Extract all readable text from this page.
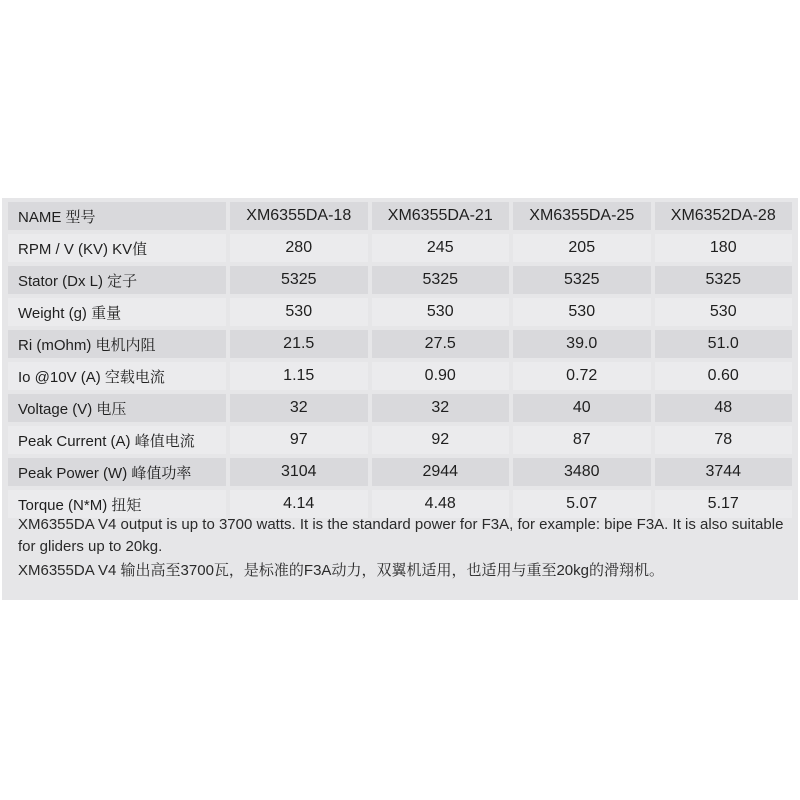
NAME 型号	XM6355DA-18	XM6355DA-21	XM6355DA-25	XM6352DA-28
RPM / V (KV) KV值	280	245	205	180
Stator (Dx L) 定子	5325	5325	5325	5325
Weight (g) 重量	530	530	530	530
Ri (mOhm) 电机内阻	21.5	27.5	39.0	51.0
Io @10V (A) 空载电流	1.15	0.90	0.72	0.60
Voltage (V) 电压	32	32	40	48
Peak Current (A) 峰值电流	97	92	87	78
Peak Power (W) 峰值功率	3104	2944	3480	3744
Torque (N*M) 扭矩	4.14	4.48	5.07	5.17

XM6355DA V4 output is up to 3700 watts. It is the standard power for F3A, for example: bipe F3A. It is also suitable for gliders up to 20kg.

XM6355DA V4 输出高至3700瓦，是标准的F3A动力，双翼机适用，也适用与重至20kg的滑翔机。
